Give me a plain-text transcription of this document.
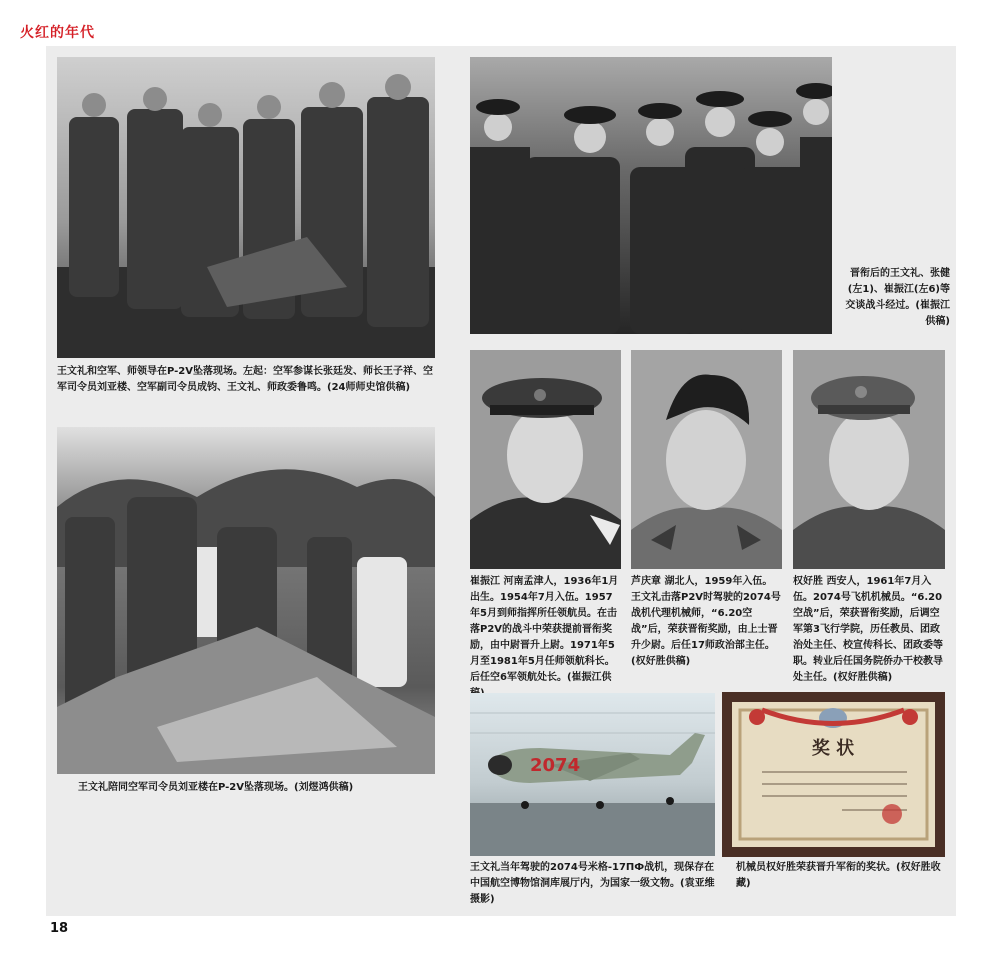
火红的年代
王文礼和空军、师领导在P-2V坠落现场。左起：空军参谋长张廷发、师长王子祥、空军司令员刘亚楼、空军副司令员成钧、王文礼、师政委鲁鸣。(24师师史馆供稿)
晋衔后的王文礼、张健(左1)、崔振江(左6)等交谈战斗经过。(崔振江供稿)
王文礼陪同空军司令员刘亚楼在P-2V坠落现场。(刘煜鸿供稿)
崔振江 河南孟津人，1936年1月出生。1954年7月入伍。1957年5月到师指挥所任领航员。在击落P2V的战斗中荣获提前晋衔奖励，由中尉晋升上尉。1971年5月至1981年5月任师领航科长。后任空6军领航处长。(崔振江供
芦庆章 湖北人，1959年入伍。王文礼击落P2V时驾驶的2074号战机代理机械师，“6.20空战”后，荣获晋衔奖励，由上士晋升少尉。后任17师政治部主任。(权好胜供稿)
权好胜 西安人，1961年7月入伍。2074号飞机机械员。“6.20空战”后，荣获晋衔奖励，后调空军第3飞行学院，历任教员、团政治处主任、校宣传科长、团政委等职。转业后任国务院侨办干校教导处主任。(权好胜供稿)
2074
王文礼当年驾驶的2074号米格-17ПФ战机，现保存在中国航空博物馆洞库展厅内，为国家一级文物。(袁亚维摄影)
奖 状
机械员权好胜荣获晋升军衔的奖状。(权好胜收藏)
18
